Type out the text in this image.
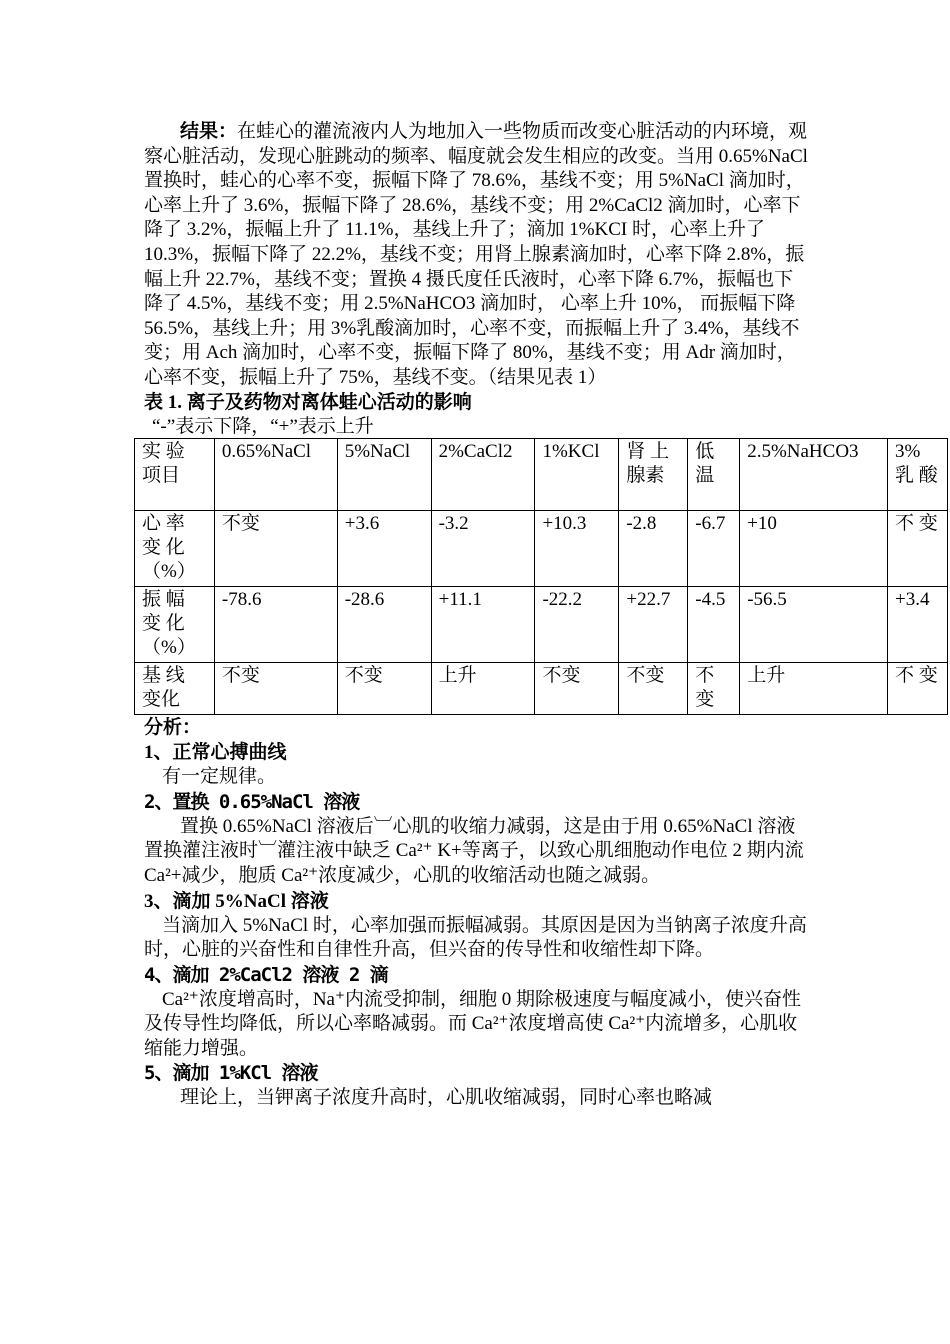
结果：在蛙心的灌流液内人为地加入一些物质而改变心脏活动的内环境，观察心脏活动，发现心脏跳动的频率、幅度就会发生相应的改变。当用 0.65%NaCl 置换时，蛙心的心率不变，振幅下降了 78.6%，基线不变；用 5%NaCl 滴加时，心率上升了 3.6%，振幅下降了 28.6%，基线不变；用 2%CaCl2 滴加时，心率下降了 3.2%，振幅上升了 11.1%，基线上升了；滴加 1%KCI 时，心率上升了 10.3%，振幅下降了 22.2%，基线不变；用肾上腺素滴加时，心率下降 2.8%，振幅上升 22.7%，基线不变；置换 4 摄氏度任氏液时，心率下降 6.7%，振幅也下降了 4.5%，基线不变；用 2.5%NaHCO3 滴加时， 心率上升 10%， 而振幅下降 56.5%，基线上升；用 3%乳酸滴加时，心率不变，而振幅上升了 3.4%，基线不变；用 Ach 滴加时，心率不变，振幅下降了 80%，基线不变；用 Adr 滴加时，心率不变，振幅上升了 75%，基线不变。（结果见表 1）

表 1. 离子及药物对离体蛙心活动的影响

“-”表示下降，“+”表示上升

实 验 项目	0.65%NaCl	5%NaCl	2%CaCl2	1%KCl	肾 上 腺素	低 温	2.5%NaHCO3	3% 乳 酸
心 率 变 化 （%）	不变	+3.6	-3.2	+10.3	-2.8	-6.7	+10	不 变
振 幅 变 化 （%）	-78.6	-28.6	+11.1	-22.2	+22.7	-4.5	-56.5	+3.4
基 线 变化	不变	不变	上升	不变	不变	不 变	上升	不 变

分析：

1、正常心搏曲线

有一定规律。

2、置换 0.65%NaCl 溶液

置换 0.65%NaCl 溶液后︺心肌的收缩力减弱，这是由于用 0.65%NaCl 溶液置换灌注液时︺灌注液中缺乏 Ca²⁺ K+等离子，以致心肌细胞动作电位 2 期内流 Ca²+减少，胞质 Ca²⁺浓度减少，心肌的收缩活动也随之减弱。

3、滴加 5%NaCl 溶液

当滴加入 5%NaCl 时，心率加强而振幅减弱。其原因是因为当钠离子浓度升高时，心脏的兴奋性和自律性升高，但兴奋的传导性和收缩性却下降。

4、滴加 2%CaCl2 溶液 2 滴

Ca²⁺浓度增高时，Na⁺内流受抑制，细胞 0 期除极速度与幅度减小，使兴奋性及传导性均降低，所以心率略减弱。而 Ca²⁺浓度增高使 Ca²⁺内流增多，心肌收缩能力增强。

5、滴加 1%KCl 溶液

理论上，当钾离子浓度升高时，心肌收缩减弱，同时心率也略减
